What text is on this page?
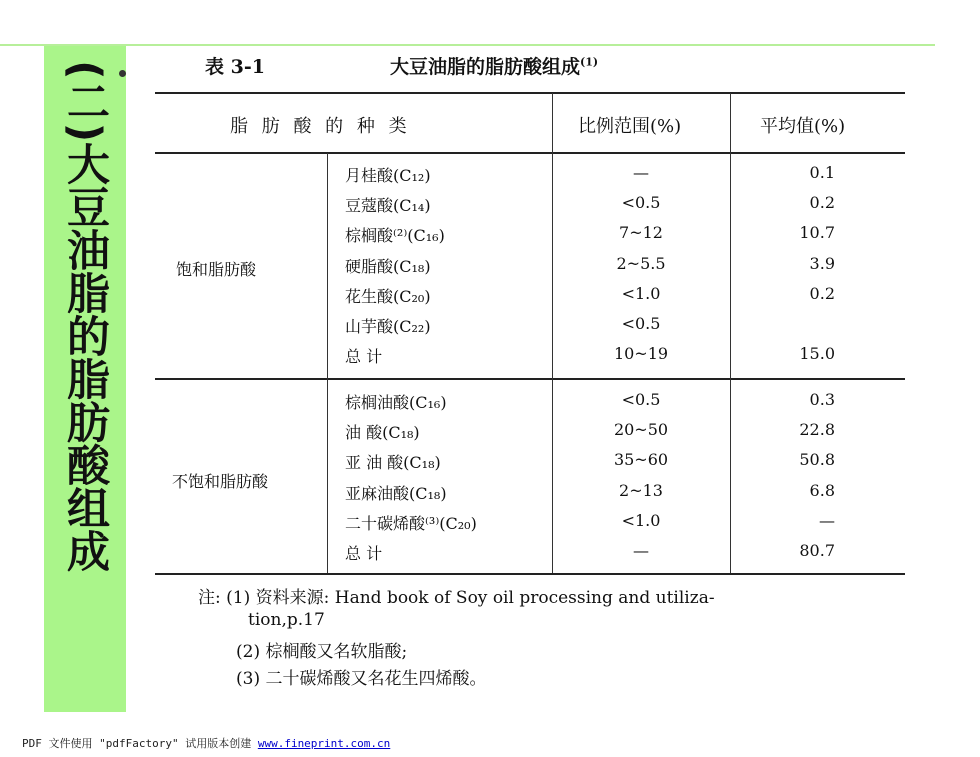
(二)大豆油脂的脂肪酸组成	表 3-1	大豆油脂的脂肪酸组成$^{(1)}$
脂 肪 酸 的 种 类	比例范围(%)	平均值(%)
饱和脂肪酸
月桂酸(C₁₂)	—	0.1
豆蔻酸(C₁₄)	<0.5	0.2
棕榈酸⁽²⁾(C₁₆)	7~12	10.7
硬脂酸(C₁₈)	2~5.5	3.9
花生酸(C₂₀)	<1.0	0.2
山芋酸(C₂₂)	<0.5
总 计	10~19	15.0
不饱和脂肪酸
棕榈油酸(C₁₆)	<0.5	0.3
油 酸(C₁₈)	20~50	22.8
亚 油 酸(C₁₈)	35~60	50.8
亚麻油酸(C₁₈)	2~13	6.8
二十碳烯酸⁽³⁾(C₂₀)	<1.0	—
总 计	—	80.7
注: (1) 资料来源: Hand book of Soy oil processing and utiliza-
tion,p.17
(2) 棕榈酸又名软脂酸;
(3) 二十碳烯酸又名花生四烯酸。
PDF 文件使用 "pdfFactory" 试用版本创建 www.fineprint.com.cn
